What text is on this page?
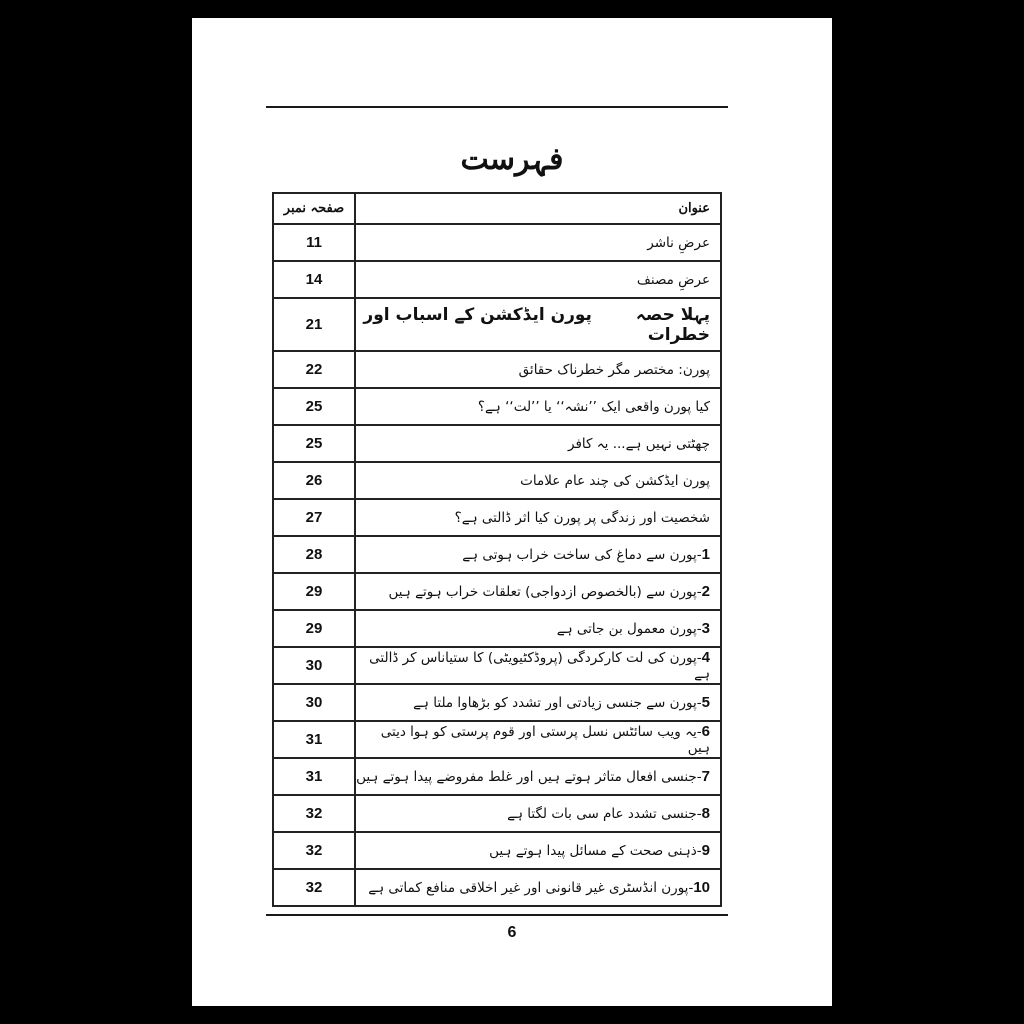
فہرست
صفحہ نمبر	عنوان
11	عرضِ ناشر
14	عرضِ مصنف
21	پہلا حصہ پورن ایڈکشن کے اسباب اور خطرات
22	پورن: مختصر مگر خطرناک حقائق
25	کیا پورن واقعی ایک ’’نشہ‘‘ یا ’’لت‘‘ ہے؟
25	چھٹتی نہیں ہے... یہ کافر
26	پورن ایڈکشن کی چند عام علامات
27	شخصیت اور زندگی پر پورن کیا اثر ڈالتی ہے؟
28	1-پورن سے دماغ کی ساخت خراب ہوتی ہے
29	2-پورن سے (بالخصوص ازدواجی) تعلقات خراب ہوتے ہیں
29	3-پورن معمول بن جاتی ہے
30	4-پورن کی لت کارکردگی (پروڈکٹیویٹی) کا ستیاناس کر ڈالتی ہے
30	5-پورن سے جنسی زیادتی اور تشدد کو بڑھاوا ملتا ہے
31	6-یہ ویب سائٹس نسل پرستی اور قوم پرستی کو ہوا دیتی ہیں
31	7-جنسی افعال متاثر ہوتے ہیں اور غلط مفروضے پیدا ہوتے ہیں
32	8-جنسی تشدد عام سی بات لگتا ہے
32	9-ذہنی صحت کے مسائل پیدا ہوتے ہیں
32	10-پورن انڈسٹری غیر قانونی اور غیر اخلاقی منافع کماتی ہے
6
